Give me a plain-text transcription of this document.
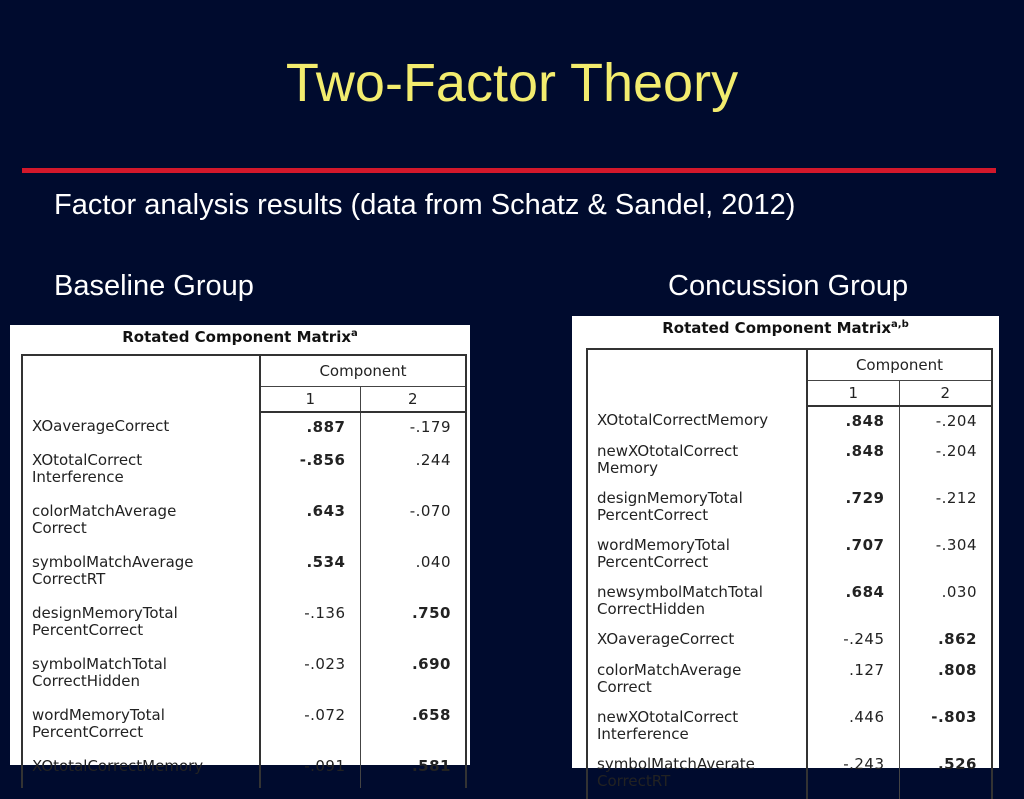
Two-Factor Theory
Factor analysis results (data from Schatz & Sandel, 2012)
Baseline Group	Concussion Group
Rotated Component Matrix$^a$
	Component	
	1	2
XOaverageCorrect	.887	-.179
XOtotalCorrect
Interference	-.856	.244
colorMatchAverage
Correct	.643	-.070
symbolMatchAverage
CorrectRT	.534	.040
designMemoryTotal
PercentCorrect	-.136	.750
symbolMatchTotal
CorrectHidden	-.023	.690
wordMemoryTotal
PercentCorrect	-.072	.658
XOtotalCorrectMemory	-.091	.581
Rotated Component Matrix$^{a,b}$
	Component	
	1	2
XOtotalCorrectMemory	.848	-.204
newXOtotalCorrect
Memory	.848	-.204
designMemoryTotal
PercentCorrect	.729	-.212
wordMemoryTotal
PercentCorrect	.707	-.304
newsymbolMatchTotal
CorrectHidden	.684	.030
XOaverageCorrect	-.245	.862
colorMatchAverage
Correct	.127	.808
newXOtotalCorrect
Interference	.446	-.803
symbolMatchAverate
CorrectRT	-.243	.526
